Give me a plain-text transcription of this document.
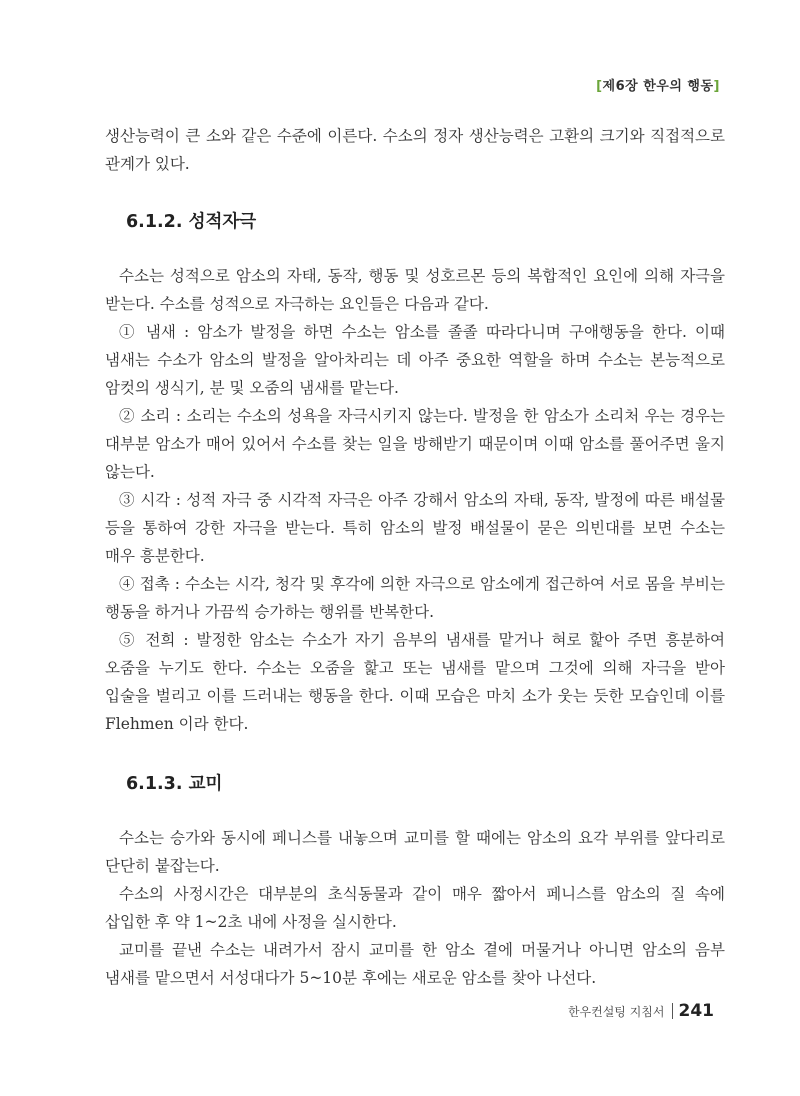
[제6장 한우의 행동]

생산능력이 큰 소와 같은 수준에 이른다. 수소의 정자 생산능력은 고환의 크기와 직접적으로 관계가 있다.

6.1.2. 성적자극

수소는 성적으로 암소의 자태, 동작, 행동 및 성호르몬 등의 복합적인 요인에 의해 자극을 받는다. 수소를 성적으로 자극하는 요인들은 다음과 같다.

① 냄새 : 암소가 발정을 하면 수소는 암소를 졸졸 따라다니며 구애행동을 한다. 이때 냄새는 수소가 암소의 발정을 알아차리는 데 아주 중요한 역할을 하며 수소는 본능적으로 암컷의 생식기, 분 및 오줌의 냄새를 맡는다.

② 소리 : 소리는 수소의 성욕을 자극시키지 않는다. 발정을 한 암소가 소리처 우는 경우는 대부분 암소가 매어 있어서 수소를 찾는 일을 방해받기 때문이며 이때 암소를 풀어주면 울지 않는다.

③ 시각 : 성적 자극 중 시각적 자극은 아주 강해서 암소의 자태, 동작, 발정에 따른 배설물 등을 통하여 강한 자극을 받는다. 특히 암소의 발정 배설물이 묻은 의빈대를 보면 수소는 매우 흥분한다.

④ 접촉 : 수소는 시각, 청각 및 후각에 의한 자극으로 암소에게 접근하여 서로 몸을 부비는 행동을 하거나 가끔씩 승가하는 행위를 반복한다.

⑤ 전희 : 발정한 암소는 수소가 자기 음부의 냄새를 맡거나 혀로 핥아 주면 흥분하여 오줌을 누기도 한다. 수소는 오줌을 핥고 또는 냄새를 맡으며 그것에 의해 자극을 받아 입술을 벌리고 이를 드러내는 행동을 한다. 이때 모습은 마치 소가 웃는 듯한 모습인데 이를 Flehmen 이라 한다.

6.1.3. 교미

수소는 승가와 동시에 페니스를 내놓으며 교미를 할 때에는 암소의 요각 부위를 앞다리로 단단히 붙잡는다.

수소의 사정시간은 대부분의 초식동물과 같이 매우 짧아서 페니스를 암소의 질 속에 삽입한 후 약 1~2초 내에 사정을 실시한다.

교미를 끝낸 수소는 내려가서 잠시 교미를 한 암소 곁에 머물거나 아니면 암소의 음부 냄새를 맡으면서 서성대다가 5~10분 후에는 새로운 암소를 찾아 나선다.

한우컨설팅 지침서 241
